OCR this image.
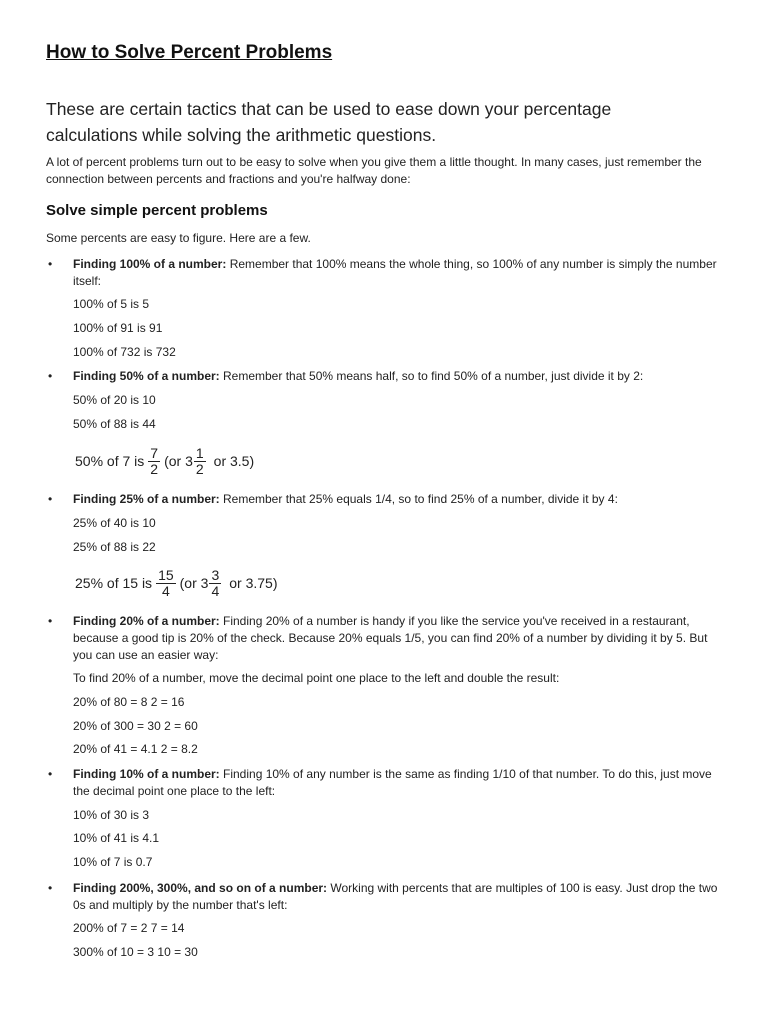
How to Solve Percent Problems

These are certain tactics that can be used to ease down your percentage calculations while solving the arithmetic questions.

A lot of percent problems turn out to be easy to solve when you give them a little thought. In many cases, just remember the connection between percents and fractions and you're halfway done:

Solve simple percent problems

Some percents are easy to figure. Here are a few.

• Finding 100% of a number: Remember that 100% means the whole thing, so 100% of any number is simply the number itself:

100% of 5 is 5

100% of 91 is 91

100% of 732 is 732

• Finding 50% of a number: Remember that 50% means half, so to find 50% of a number, just divide it by 2:

50% of 20 is 10

50% of 88 is 44

50% of 7 is $\frac{7}{2} (or$ $3 \frac{1}{2}$ or 3.5)
• Finding 25% of a number: Remember that 25% equals 1/4, so to find 25% of a number, divide it by 4:

25% of 40 is 10

25% of 88 is 22

25% of 15 is $\frac{15}{4} (or$ $3 \frac{3}{4}$ or 3.75)
• Finding 20% of a number: Finding 20% of a number is handy if you like the service you've received in a restaurant, because a good tip is 20% of the check. Because 20% equals 1/5, you can find 20% of a number by dividing it by 5. But you can use an easier way:

To find 20% of a number, move the decimal point one place to the left and double the result:

20% of 80 = 8 2 = 16

20% of 300 = 30 2 = 60

20% of 41 = 4.1 2 = 8.2

• Finding 10% of a number: Finding 10% of any number is the same as finding 1/10 of that number. To do this, just move the decimal point one place to the left:

10% of 30 is 3

10% of 41 is 4.1

10% of 7 is 0.7

• Finding 200%, 300%, and so on of a number: Working with percents that are multiples of 100 is easy. Just drop the two 0s and multiply by the number that's left:

200% of 7 = 2 7 = 14

300% of 10 = 3 10 = 30
